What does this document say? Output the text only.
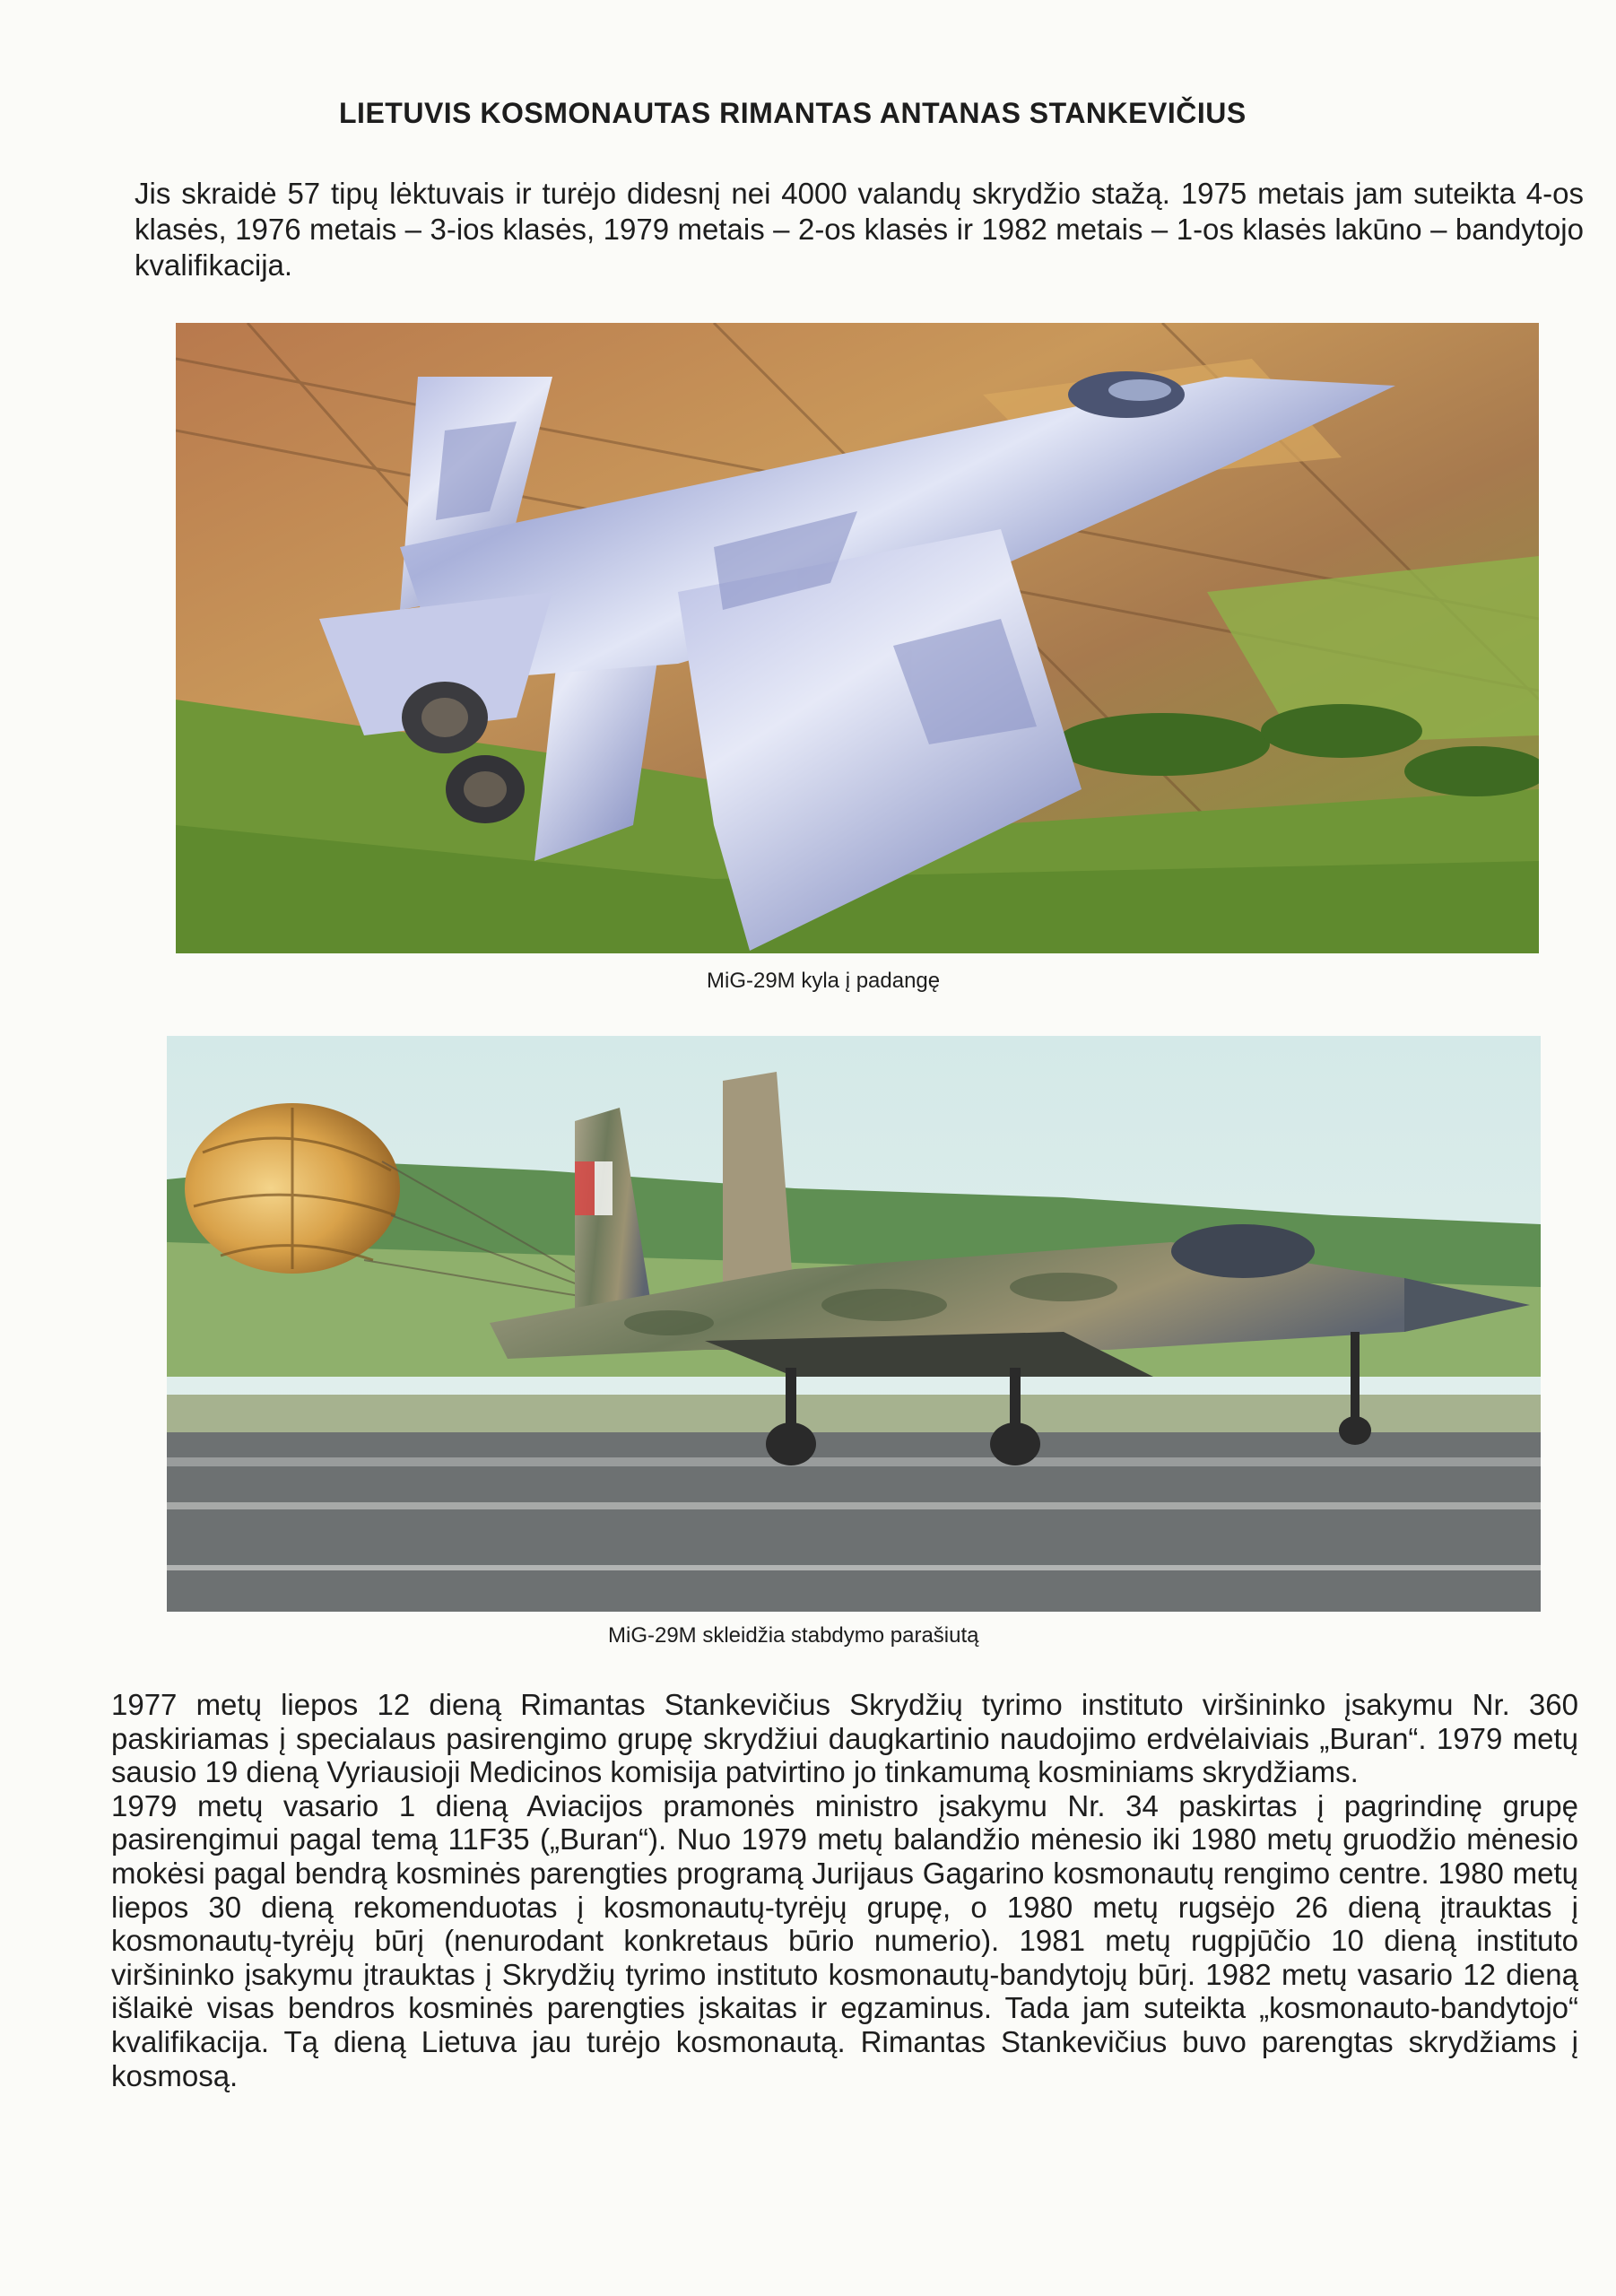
LIETUVIS KOSMONAUTAS RIMANTAS ANTANAS STANKEVIČIUS
Jis skraidė 57 tipų lėktuvais ir turėjo didesnį nei 4000 valandų skrydžio stažą. 1975 metais jam suteikta 4-os klasės, 1976 metais – 3-ios klasės, 1979 metais – 2-os klasės ir 1982 metais – 1-os klasės lakūno – bandytojo kvalifikacija.
MiG-29M kyla į padangę
MiG-29M skleidžia stabdymo parašiutą

1977 metų liepos 12 dieną Rimantas Stankevičius Skrydžių tyrimo instituto viršininko įsakymu Nr. 360 paskiriamas į specialaus pasirengimo grupę skrydžiui daugkartinio naudojimo erdvėlaiviais „Buran“. 1979 metų sausio 19 dieną Vyriausioji Medicinos komisija patvirtino jo tinkamumą kosminiams skrydžiams.

1979 metų vasario 1 dieną Aviacijos pramonės ministro įsakymu Nr. 34 paskirtas į pagrindinę grupę pasirengimui pagal temą 11F35 („Buran“). Nuo 1979 metų balandžio mėnesio iki 1980 metų gruodžio mėnesio mokėsi pagal bendrą kosminės parengties programą Jurijaus Gagarino kosmonautų rengimo centre. 1980 metų liepos 30 dieną rekomenduotas į kosmonautų-tyrėjų grupę, o 1980 metų rugsėjo 26 dieną įtrauktas į kosmonautų-tyrėjų būrį (nenurodant konkretaus būrio numerio). 1981 metų rugpjūčio 10 dieną instituto viršininko įsakymu įtrauktas į Skrydžių tyrimo instituto kosmonautų-bandytojų būrį. 1982 metų vasario 12 dieną išlaikė visas bendros kosminės parengties įskaitas ir egzaminus. Tada jam suteikta „kosmonauto-bandytojo“ kvalifikacija. Tą dieną Lietuva jau turėjo kosmonautą. Rimantas Stankevičius buvo parengtas skrydžiams į kosmosą.
